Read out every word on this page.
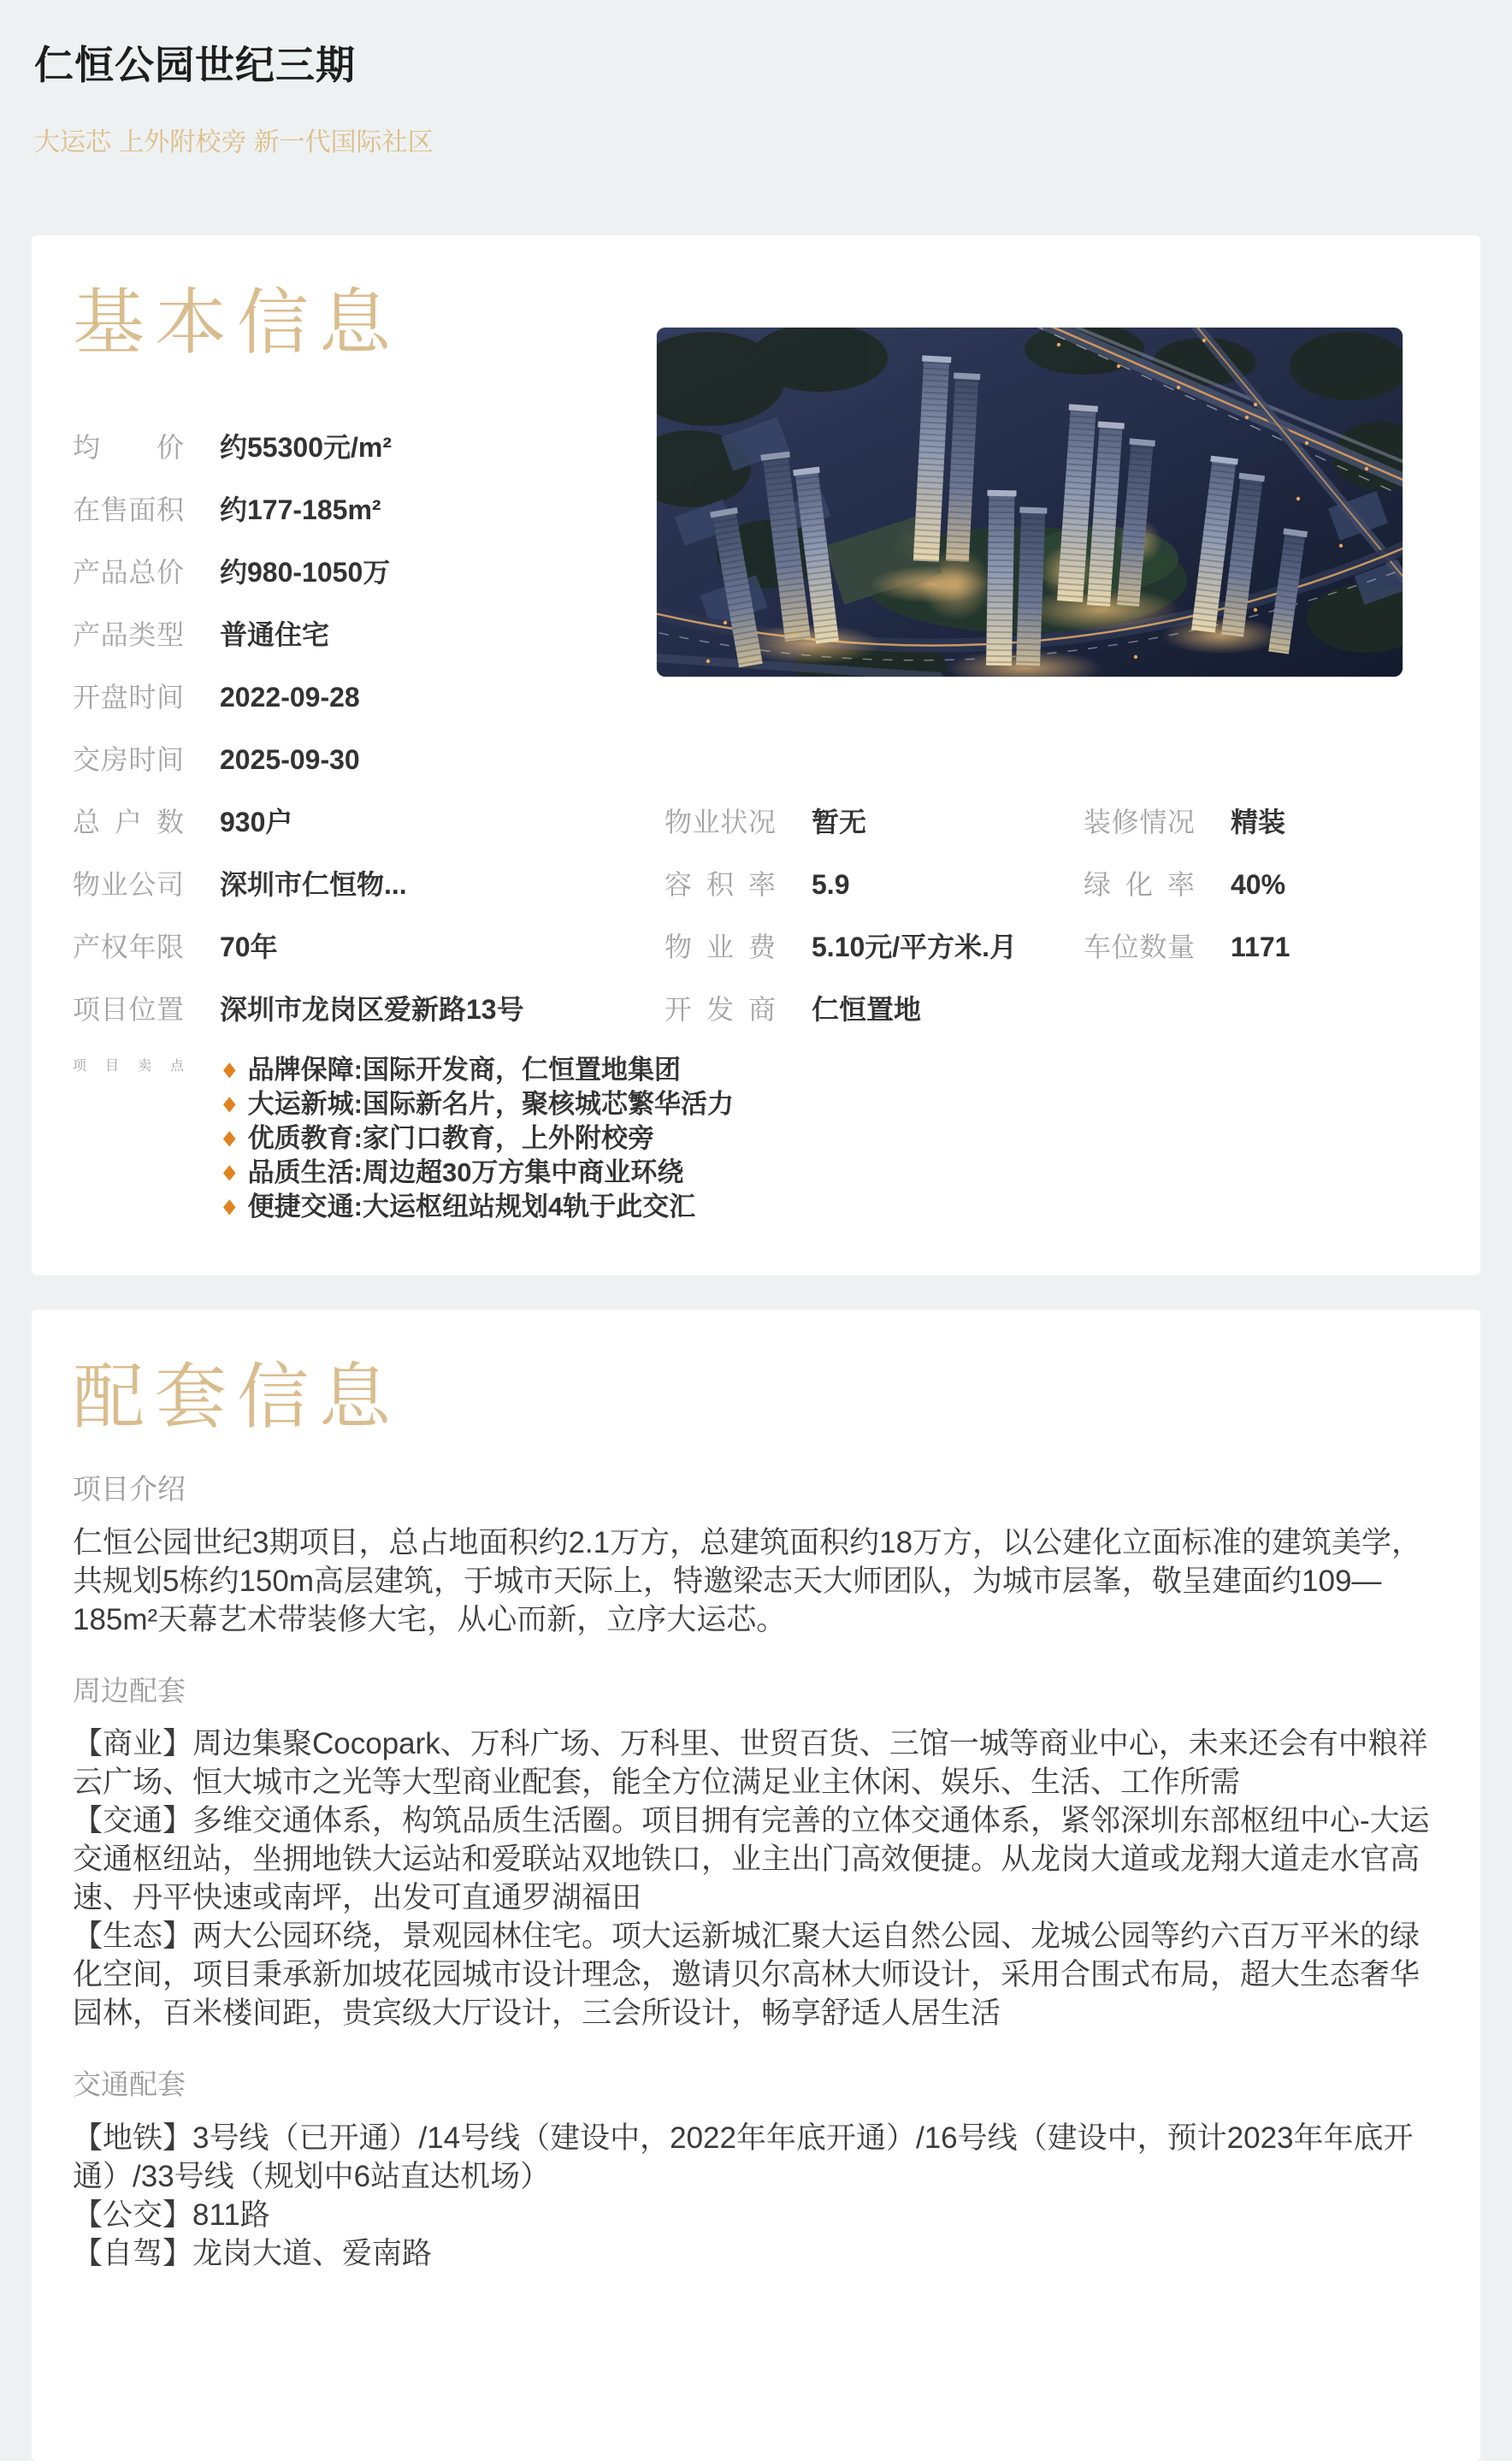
仁恒公园世纪三期

大运芯 上外附校旁 新一代国际社区

基本信息
均价 约55300元/m²
在售面积 约177-185m²
产品总价 约980-1050万
产品类型 普通住宅
开盘时间 2022-09-28
交房时间 2025-09-30
总户数 930户	物业状况 暂无	装修情况 精装
物业公司 深圳市仁恒物...	容积率 5.9	绿化率 40%
产权年限 70年	物业费 5.10元/平方米.月 车位数量 1171
项目位置 深圳市龙岗区爱新路13号	开发商 仁恒置地
项目卖点 ◆ 品牌保障:国际开发商，仁恒置地集团
◆ 大运新城:国际新名片，聚核城芯繁华活力
◆ 优质教育:家门口教育，上外附校旁
◆ 品质生活:周边超30万方集中商业环绕
◆ 便捷交通:大运枢纽站规划4轨于此交汇
配套信息
项目介绍

仁恒公园世纪3期项目，总占地面积约2.1万方，总建筑面积约18万方，以公建化立面标准的建筑美学，共规划5栋约150m高层建筑，于城市天际上，特邀梁志天大师团队，为城市层峯，敬呈建面约109—185m²天幕艺术带装修大宅，从心而新，立序大运芯。

周边配套

【商业】周边集聚Cocopark、万科广场、万科里、世贸百货、三馆一城等商业中心，未来还会有中粮祥云广场、恒大城市之光等大型商业配套，能全方位满足业主休闲、娱乐、生活、工作所需

【交通】多维交通体系，构筑品质生活圈。项目拥有完善的立体交通体系，紧邻深圳东部枢纽中心-大运交通枢纽站，坐拥地铁大运站和爱联站双地铁口，业主出门高效便捷。从龙岗大道或龙翔大道走水官高速、丹平快速或南坪，出发可直通罗湖福田

【生态】两大公园环绕，景观园林住宅。项大运新城汇聚大运自然公园、龙城公园等约六百万平米的绿化空间，项目秉承新加坡花园城市设计理念，邀请贝尔高林大师设计，采用合围式布局，超大生态奢华园林，百米楼间距，贵宾级大厅设计，三会所设计，畅享舒适人居生活

交通配套

【地铁】3号线（已开通）/14号线（建设中，2022年年底开通）/16号线（建设中，预计2023年年底开通）/33号线（规划中6站直达机场）

【公交】811路

【自驾】龙岗大道、爱南路
